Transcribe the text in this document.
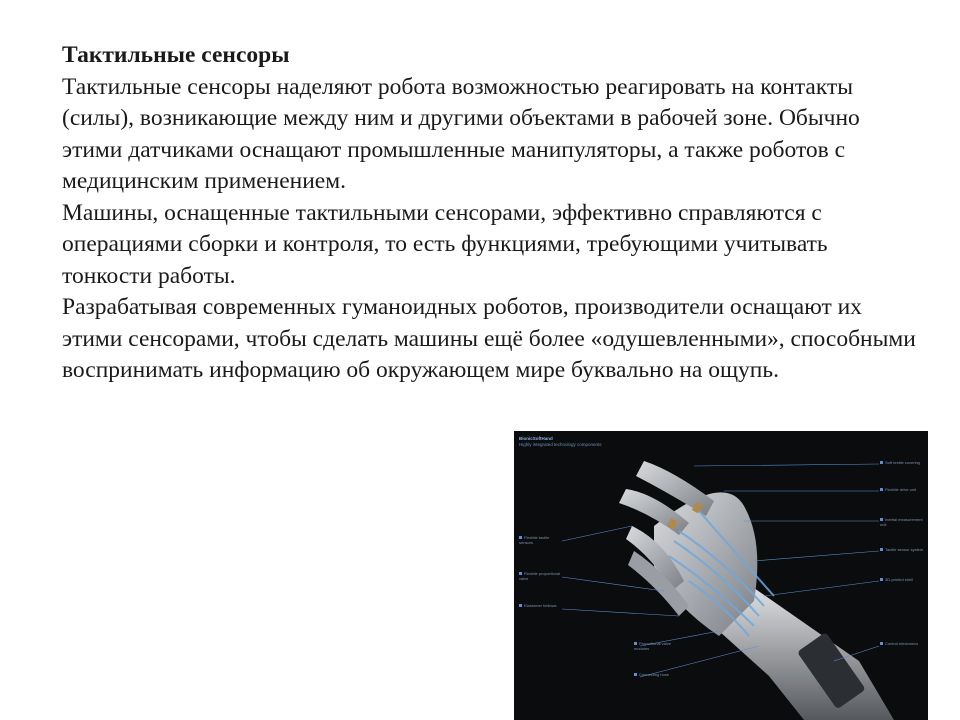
Тактильные сенсоры

Тактильные сенсоры наделяют робота возможностью реагировать на контакты (силы), возникающие между ним и другими объектами в рабочей зоне. Обычно этими датчиками оснащают промышленные манипуляторы, а также роботов с медицинским применением.

Машины, оснащенные тактильными сенсорами, эффективно справляются с операциями сборки и контроля, то есть функциями, требующими учитывать тонкости работы.

Разрабатывая современных гуманоидных роботов, производители оснащают их этими сенсорами, чтобы сделать машины ещё более «одушевленными», способными воспринимать информацию об окружающем мире буквально на ощупь.

BionicSoftHand
Highly integrated technology components
Flexible tactile sensors
Flexible proportional valve
Elastomer bellows
Proportional valve modules
Connecting hose
Soft textile covering
Flexible drive unit
Inertial measurement unit
Tactile sensor system
3D-printed shell
Control electronics
